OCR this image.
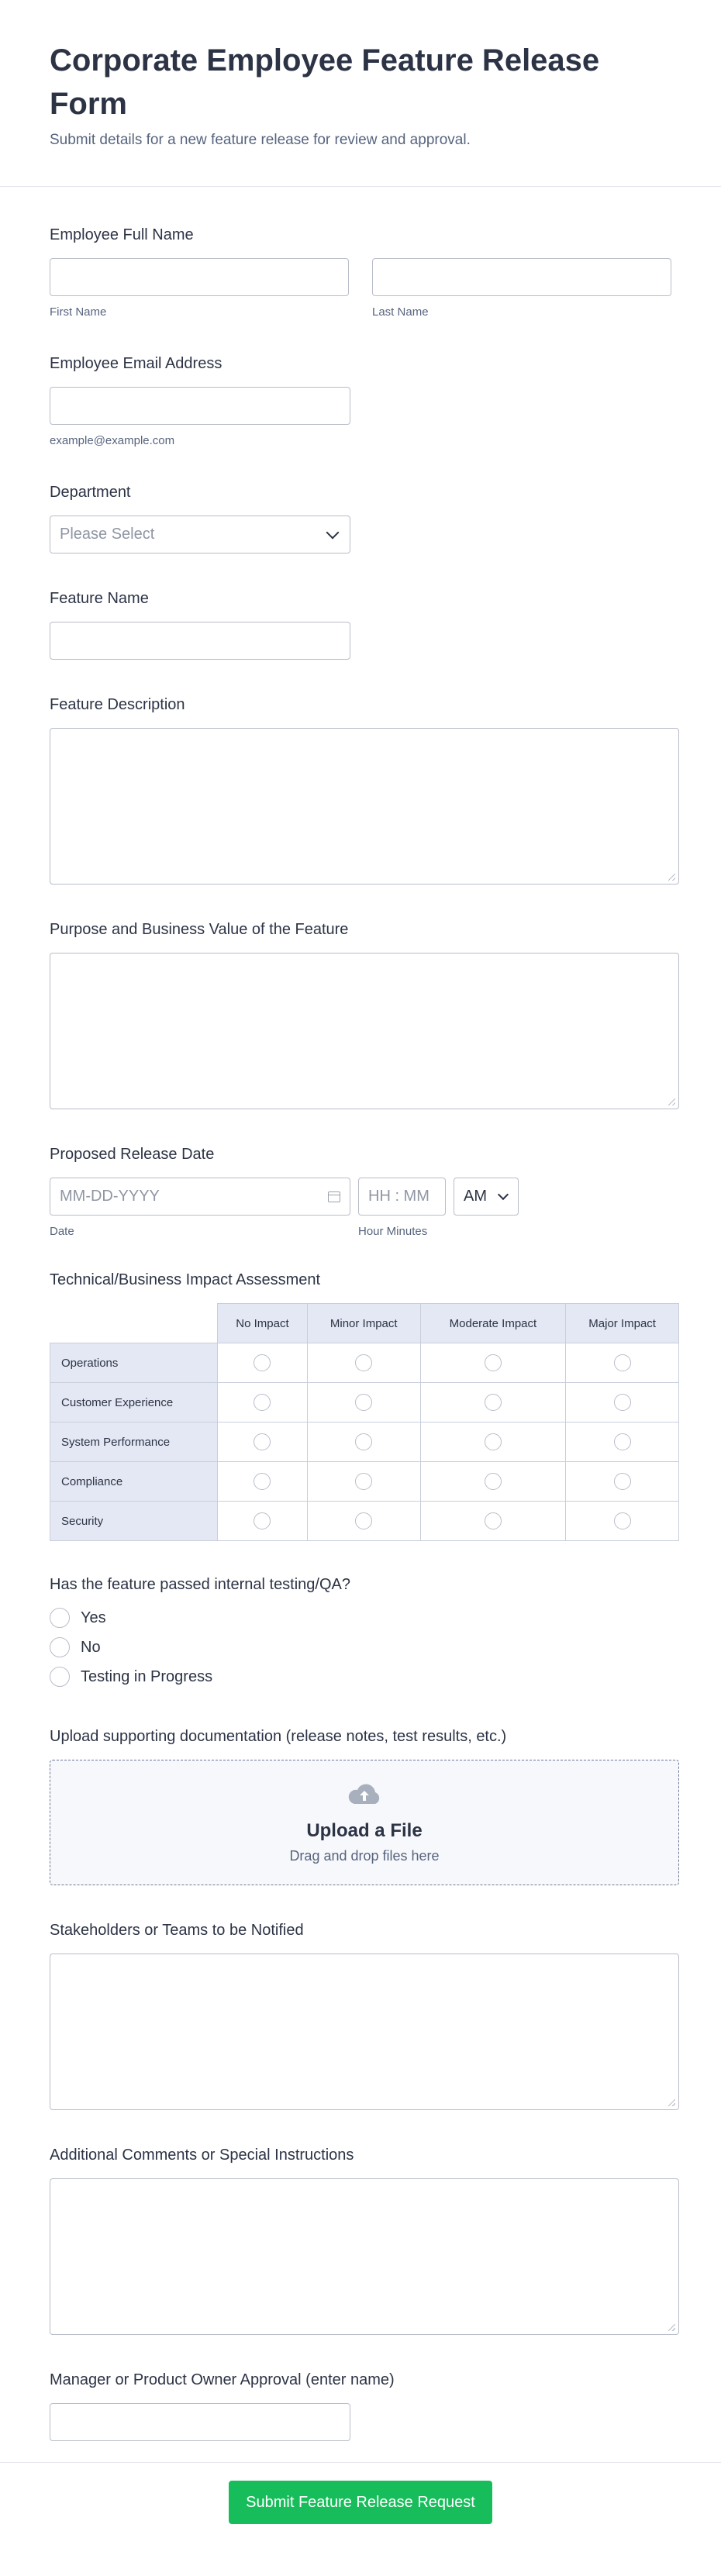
Corporate Employee Feature Release Form
Submit details for a new feature release for review and approval.
Employee Full Name
First Name	Last Name
Employee Email Address
example@example.com
Department
Please Select
Feature Name
Feature Description
Purpose and Business Value of the Feature
Proposed Release Date
MM-DD-YYYY
Date
HH : MM
Hour Minutes
AM
Technical/Business Impact Assessment
	No Impact	Minor Impact	Moderate Impact	Major Impact
Operations				
Customer Experience				
System Performance				
Compliance				
Security				
Has the feature passed internal testing/QA?
Yes
No
Testing in Progress
Upload supporting documentation (release notes, test results, etc.)
Upload a File
Drag and drop files here
Stakeholders or Teams to be Notified
Additional Comments or Special Instructions
Manager or Product Owner Approval (enter name)
Submit Feature Release Request
